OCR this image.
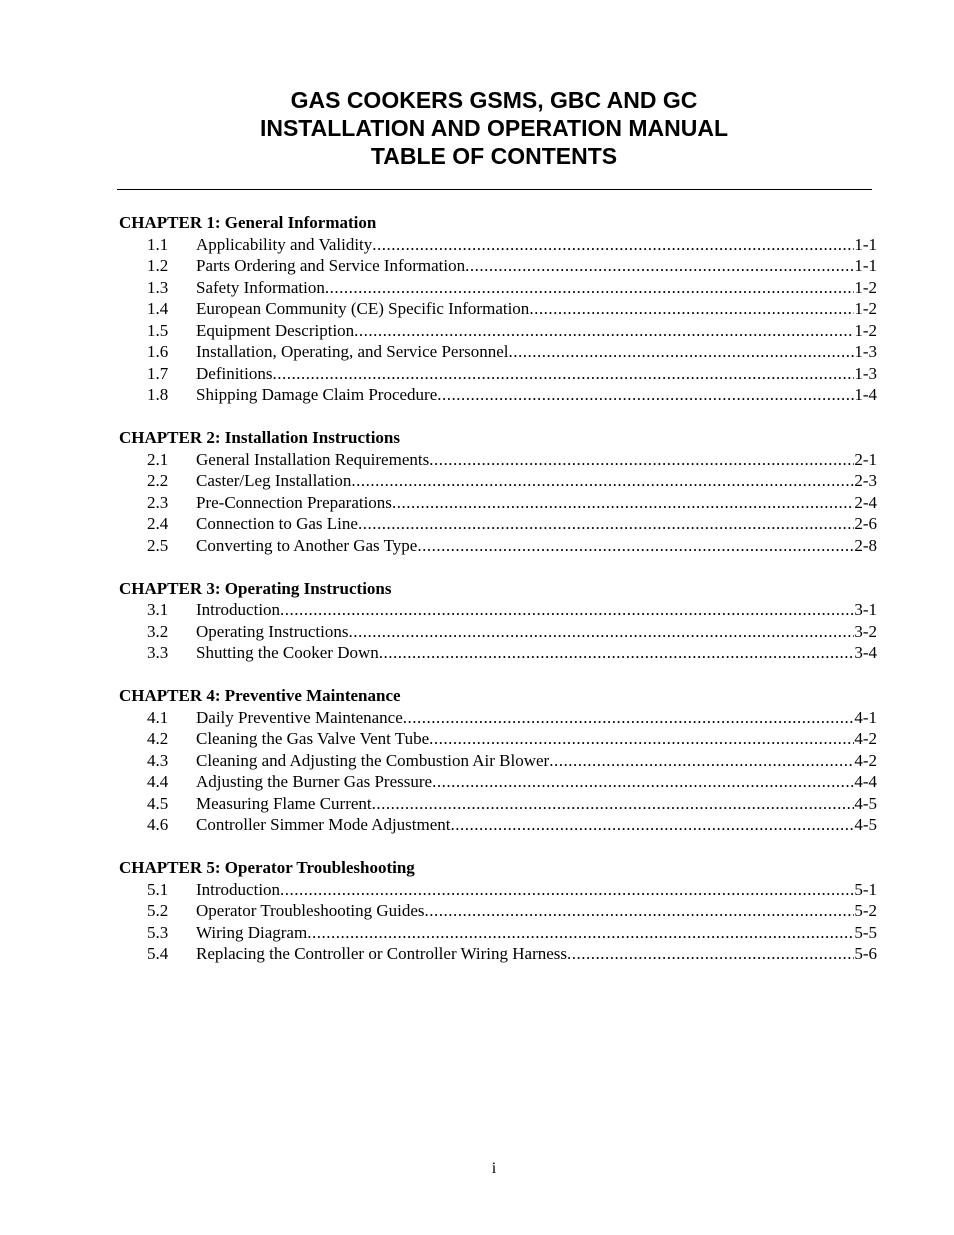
GAS COOKERS GSMS, GBC AND GC
INSTALLATION AND OPERATION MANUAL
TABLE OF CONTENTS
CHAPTER 1: General Information
1.1	Applicability and Validity .....	1-1
1.2	Parts Ordering and Service Information .....	1-1
1.3	Safety Information .....	1-2
1.4	European Community (CE) Specific Information .....	1-2
1.5	Equipment Description .....	1-2
1.6	Installation, Operating, and Service Personnel .....	1-3
1.7	Definitions .....	1-3
1.8	Shipping Damage Claim Procedure .....	1-4
CHAPTER 2: Installation Instructions
2.1	General Installation Requirements .....	2-1
2.2	Caster/Leg Installation .....	2-3
2.3	Pre-Connection Preparations .....	2-4
2.4	Connection to Gas Line .....	2-6
2.5	Converting to Another Gas Type .....	2-8
CHAPTER 3: Operating Instructions
3.1	Introduction .....	3-1
3.2	Operating Instructions .....	3-2
3.3	Shutting the Cooker Down .....	3-4
CHAPTER 4: Preventive Maintenance
4.1	Daily Preventive Maintenance .....	4-1
4.2	Cleaning the Gas Valve Vent Tube .....	4-2
4.3	Cleaning and Adjusting the Combustion Air Blower .....	4-2
4.4	Adjusting the Burner Gas Pressure .....	4-4
4.5	Measuring Flame Current .....	4-5
4.6	Controller Simmer Mode Adjustment .....	4-5
CHAPTER 5: Operator Troubleshooting
5.1	Introduction .....	5-1
5.2	Operator Troubleshooting Guides .....	5-2
5.3	Wiring Diagram .....	5-5
5.4	Replacing the Controller or Controller Wiring Harness .....	5-6
i
